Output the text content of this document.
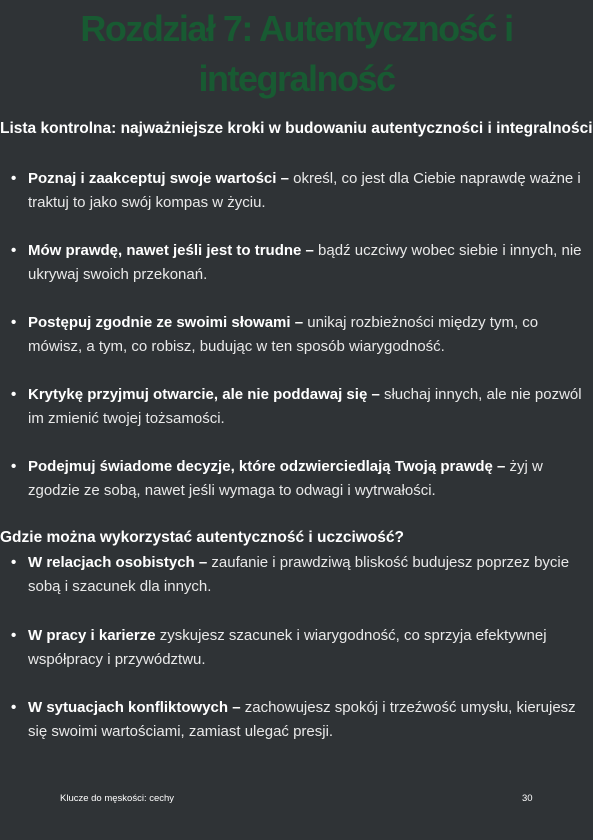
Rozdział 7: Autentyczność i integralność
Lista kontrolna: najważniejsze kroki w budowaniu autentyczności i integralności
• Poznaj i zaakceptuj swoje wartości – określ, co jest dla Ciebie naprawdę ważne i traktuj to jako swój kompas w życiu.
• Mów prawdę, nawet jeśli jest to trudne – bądź uczciwy wobec siebie i innych, nie ukrywaj swoich przekonań.
• Postępuj zgodnie ze swoimi słowami – unikaj rozbieżności między tym, co mówisz, a tym, co robisz, budując w ten sposób wiarygodność.
• Krytykę przyjmuj otwarcie, ale nie poddawaj się – słuchaj innych, ale nie pozwól im zmienić twojej tożsamości.
• Podejmuj świadome decyzje, które odzwierciedlają Twoją prawdę – żyj w zgodzie ze sobą, nawet jeśli wymaga to odwagi i wytrwałości.
Gdzie można wykorzystać autentyczność i uczciwość?
• W relacjach osobistych – zaufanie i prawdziwą bliskość budujesz poprzez bycie sobą i szacunek dla innych.
• W pracy i karierze zyskujesz szacunek i wiarygodność, co sprzyja efektywnej współpracy i przywództwu.
• W sytuacjach konfliktowych – zachowujesz spokój i trzeźwość umysłu, kierujesz się swoimi wartościami, zamiast ulegać presji.
Klucze do męskości: cechy	30
